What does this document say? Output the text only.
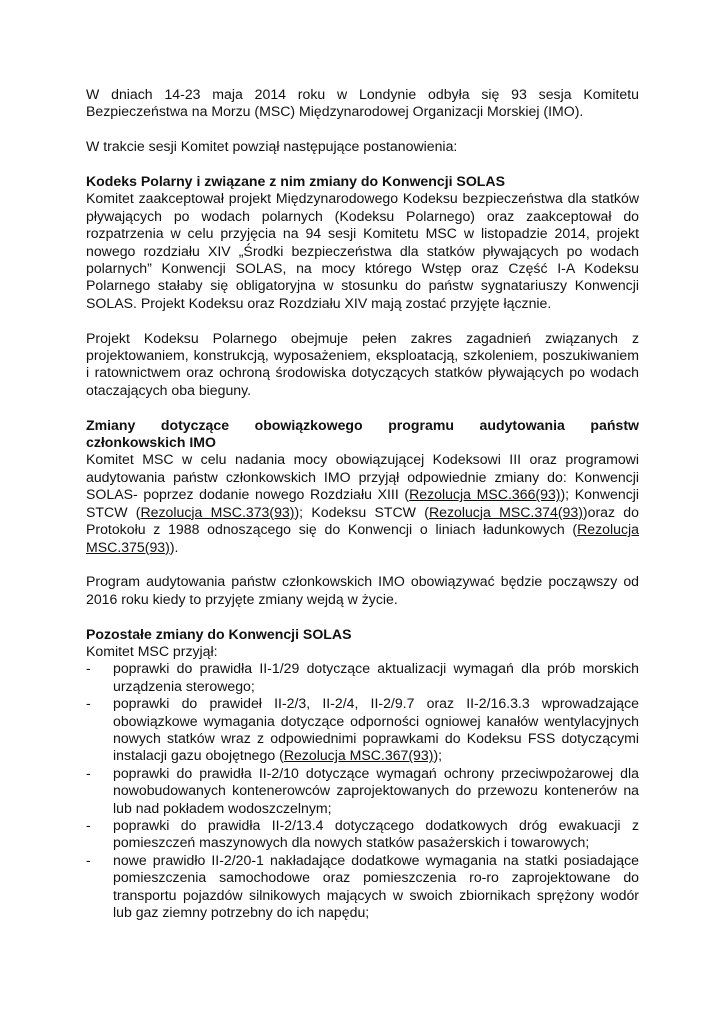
W dniach 14-23 maja 2014 roku w Londynie odbyła się 93 sesja Komitetu Bezpieczeństwa na Morzu (MSC) Międzynarodowej Organizacji Morskiej (IMO).

W trakcie sesji Komitet powziął następujące postanowienia:

Kodeks Polarny i związane z nim zmiany do Konwencji SOLAS

Komitet zaakceptował projekt Międzynarodowego Kodeksu bezpieczeństwa dla statków pływających po wodach polarnych (Kodeksu Polarnego) oraz zaakceptował do rozpatrzenia w celu przyjęcia na 94 sesji Komitetu MSC w listopadzie 2014, projekt nowego rozdziału XIV „Środki bezpieczeństwa dla statków pływających po wodach polarnych” Konwencji SOLAS, na mocy którego Wstęp oraz Część I-A Kodeksu Polarnego stałaby się obligatoryjna w stosunku do państw sygnatariuszy Konwencji SOLAS. Projekt Kodeksu oraz Rozdziału XIV mają zostać przyjęte łącznie.

Projekt Kodeksu Polarnego obejmuje pełen zakres zagadnień związanych z projektowaniem, konstrukcją, wyposażeniem, eksploatacją, szkoleniem, poszukiwaniem i ratownictwem oraz ochroną środowiska dotyczących statków pływających po wodach otaczających oba bieguny.

Zmiany dotyczące obowiązkowego programu audytowania państw
członkowskich IMO

Komitet MSC w celu nadania mocy obowiązującej Kodeksowi III oraz programowi audytowania państw członkowskich IMO przyjął odpowiednie zmiany do: Konwencji SOLAS- poprzez dodanie nowego Rozdziału XIII (Rezolucja MSC.366(93)); Konwencji STCW (Rezolucja MSC.373(93)); Kodeksu STCW (Rezolucja MSC.374(93))oraz do Protokołu z 1988 odnoszącego się do Konwencji o liniach ładunkowych (Rezolucja MSC.375(93)).

Program audytowania państw członkowskich IMO obowiązywać będzie począwszy od 2016 roku kiedy to przyjęte zmiany wejdą w życie.

Pozostałe zmiany do Konwencji SOLAS

Komitet MSC przyjął:

- poprawki do prawidła II-1/29 dotyczące aktualizacji wymagań dla prób morskich urządzenia sterowego;
- poprawki do prawideł II-2/3, II-2/4, II-2/9.7 oraz II-2/16.3.3 wprowadzające obowiązkowe wymagania dotyczące odporności ogniowej kanałów wentylacyjnych nowych statków wraz z odpowiednimi poprawkami do Kodeksu FSS dotyczącymi instalacji gazu obojętnego (Rezolucja MSC.367(93));
- poprawki do prawidła II-2/10 dotyczące wymagań ochrony przeciwpożarowej dla nowobudowanych kontenerowców zaprojektowanych do przewozu kontenerów na lub nad pokładem wodoszczelnym;
- poprawki do prawidła II-2/13.4 dotyczącego dodatkowych dróg ewakuacji z pomieszczeń maszynowych dla nowych statków pasażerskich i towarowych;
- nowe prawidło II-2/20-1 nakładające dodatkowe wymagania na statki posiadające pomieszczenia samochodowe oraz pomieszczenia ro-ro zaprojektowane do transportu pojazdów silnikowych mających w swoich zbiornikach sprężony wodór lub gaz ziemny potrzebny do ich napędu;
